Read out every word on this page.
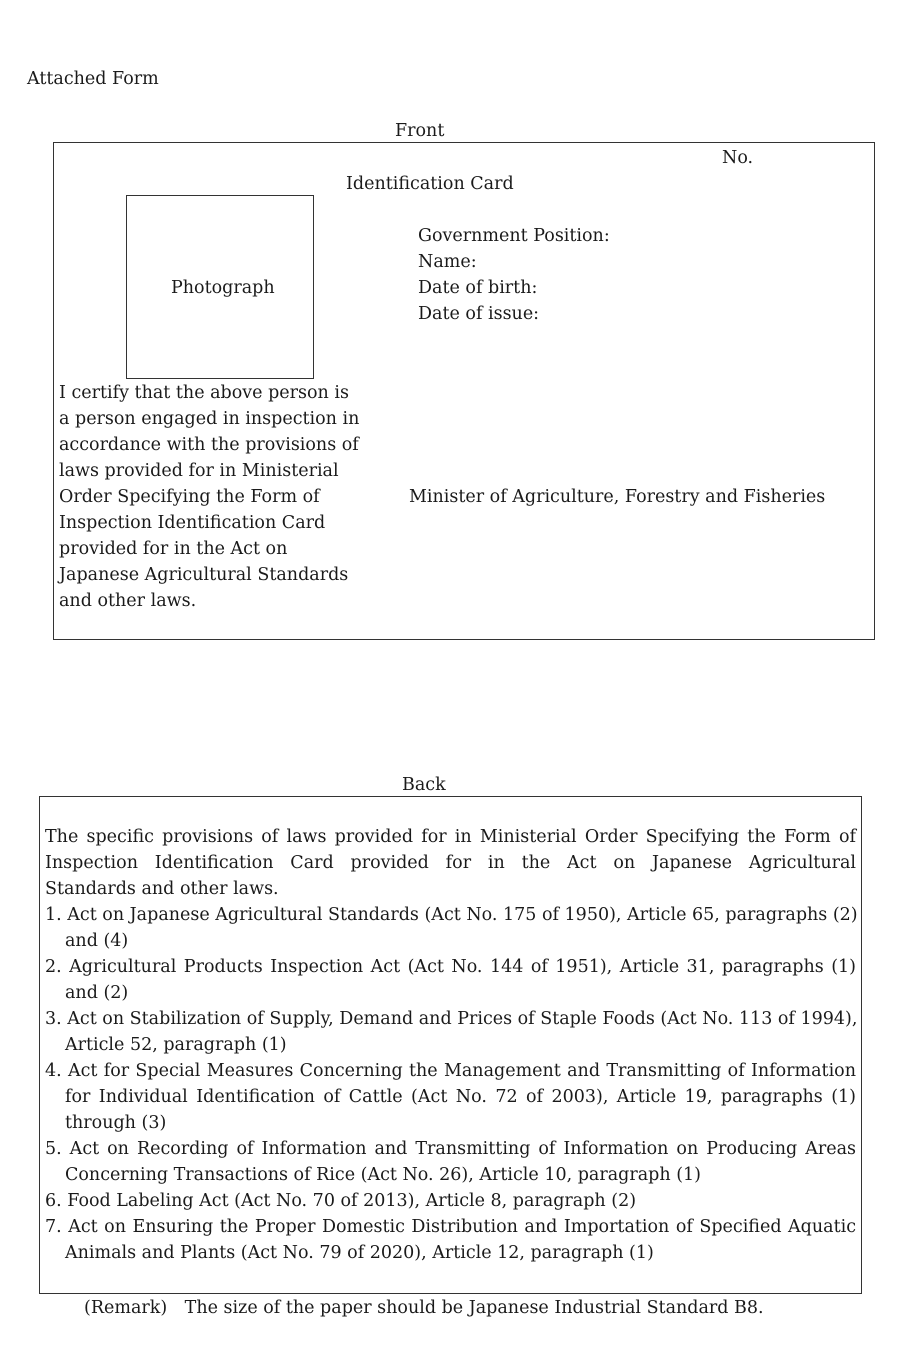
Attached Form
Front
No.
Identification Card
Photograph
Government Position:
Name:
Date of birth:
Date of issue:
I certify that the above person is
a person engaged in inspection in
accordance with the provisions of
laws provided for in Ministerial
Order Specifying the Form of
Inspection Identification Card
provided for in the Act on
Japanese Agricultural Standards
and other laws.
Minister of Agriculture, Forestry and Fisheries
Back
The specific provisions of laws provided for in Ministerial Order Specifying the Form of
Inspection Identification Card provided for in the Act on Japanese Agricultural
Standards and other laws.
1. Act on Japanese Agricultural Standards (Act No. 175 of 1950), Article 65, paragraphs (2)
and (4)
2. Agricultural Products Inspection Act (Act No. 144 of 1951), Article 31, paragraphs (1)
and (2)
3. Act on Stabilization of Supply, Demand and Prices of Staple Foods (Act No. 113 of 1994),
Article 52, paragraph (1)
4. Act for Special Measures Concerning the Management and Transmitting of Information
for Individual Identification of Cattle (Act No. 72 of 2003), Article 19, paragraphs (1)
through (3)
5. Act on Recording of Information and Transmitting of Information on Producing Areas
Concerning Transactions of Rice (Act No. 26), Article 10, paragraph (1)
6. Food Labeling Act (Act No. 70 of 2013), Article 8, paragraph (2)
7. Act on Ensuring the Proper Domestic Distribution and Importation of Specified Aquatic
Animals and Plants (Act No. 79 of 2020), Article 12, paragraph (1)
(Remark)　The size of the paper should be Japanese Industrial Standard B8.
